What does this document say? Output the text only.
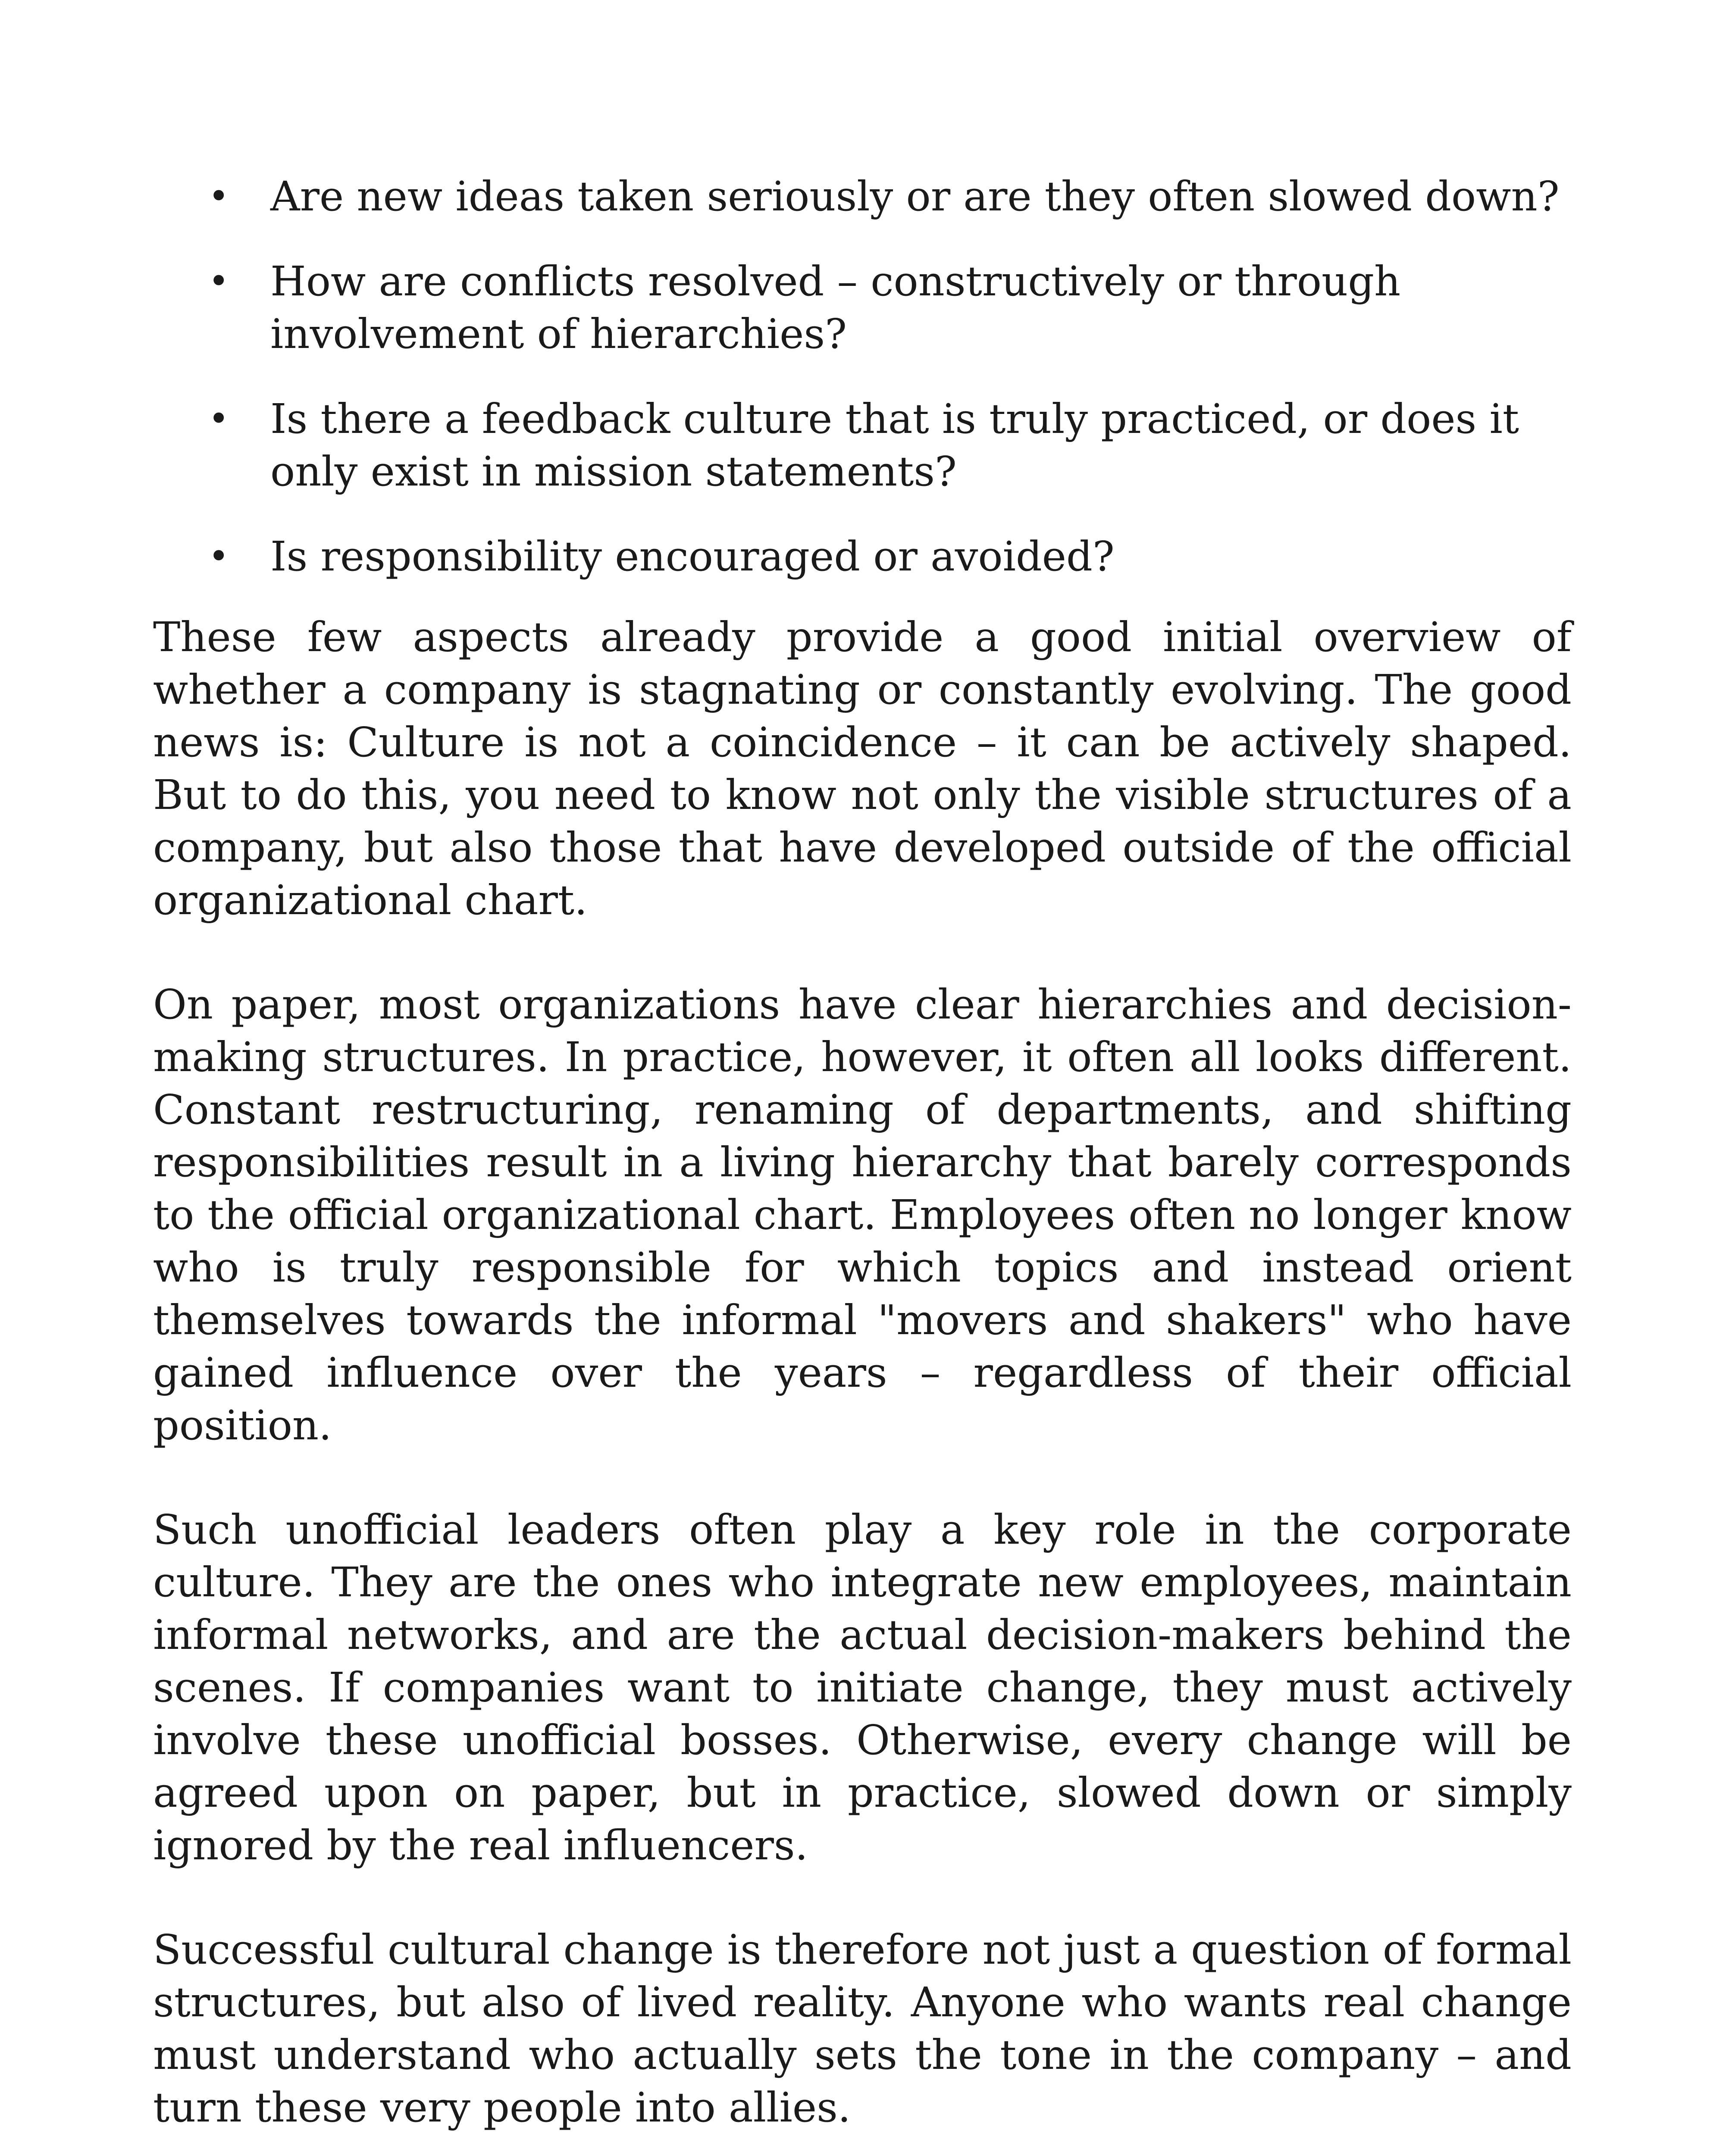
• Are new ideas taken seriously or are they often slowed down?
• How are conflicts resolved – constructively or through involvement of hierarchies?
• Is there a feedback culture that is truly practiced, or does it only exist in mission statements?
• Is responsibility encouraged or avoided?

These few aspects already provide a good initial overview of whether a company is stagnating or constantly evolving. The good news is: Culture is not a coincidence – it can be actively shaped. But to do this, you need to know not only the visible structures of a company, but also those that have developed outside of the official organizational chart.

On paper, most organizations have clear hierarchies and decision-making structures. In practice, however, it often all looks different. Constant restructuring, renaming of departments, and shifting responsibilities result in a living hierarchy that barely corresponds to the official organizational chart. Employees often no longer know who is truly responsible for which topics and instead orient themselves towards the informal "movers and shakers" who have gained influence over the years – regardless of their official position.

Such unofficial leaders often play a key role in the corporate culture. They are the ones who integrate new employees, maintain informal networks, and are the actual decision-makers behind the scenes. If companies want to initiate change, they must actively involve these unofficial bosses. Otherwise, every change will be agreed upon on paper, but in practice, slowed down or simply ignored by the real influencers.

Successful cultural change is therefore not just a question of formal structures, but also of lived reality. Anyone who wants real change must understand who actually sets the tone in the company – and turn these very people into allies.
